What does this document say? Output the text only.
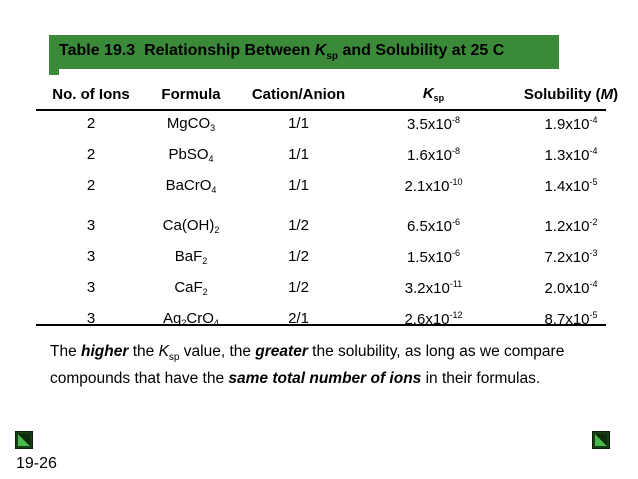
Table 19.3  Relationship Between $K_{sp}$ and Solubility at 25 C
No. of Ions	Formula	Cation/Anion	$K_{sp}$	Solubility (M)
2	MgCO$_3$	1/1	$3.5x10^{-8}$	$1.9x10^{-4}$
2	PbSO$_4$	1/1	$1.6x10^{-8}$	$1.3x10^{-4}$
2	BaCrO$_4$	1/1	$2.1x10^{-10}$	$1.4x10^{-5}$
3	$Ca(OH)_2$	1/2	$6.5x10^{-6}$	$1.2x10^{-2}$
3	BaF$_2$	1/2	$1.5x10^{-6}$	$7.2x10^{-3}$
3	CaF$_2$	1/2	$3.2x10^{-11}$	$2.0x10^{-4}$
3	$Ag_2CrO_4$	2/1	$2.6x10^{-12}$	$8.7x10^{-5}$
The higher the $K_{sp}$ value, the greater the solubility, as long as we compare compounds that have the same total number of ions in their formulas.
19-26
